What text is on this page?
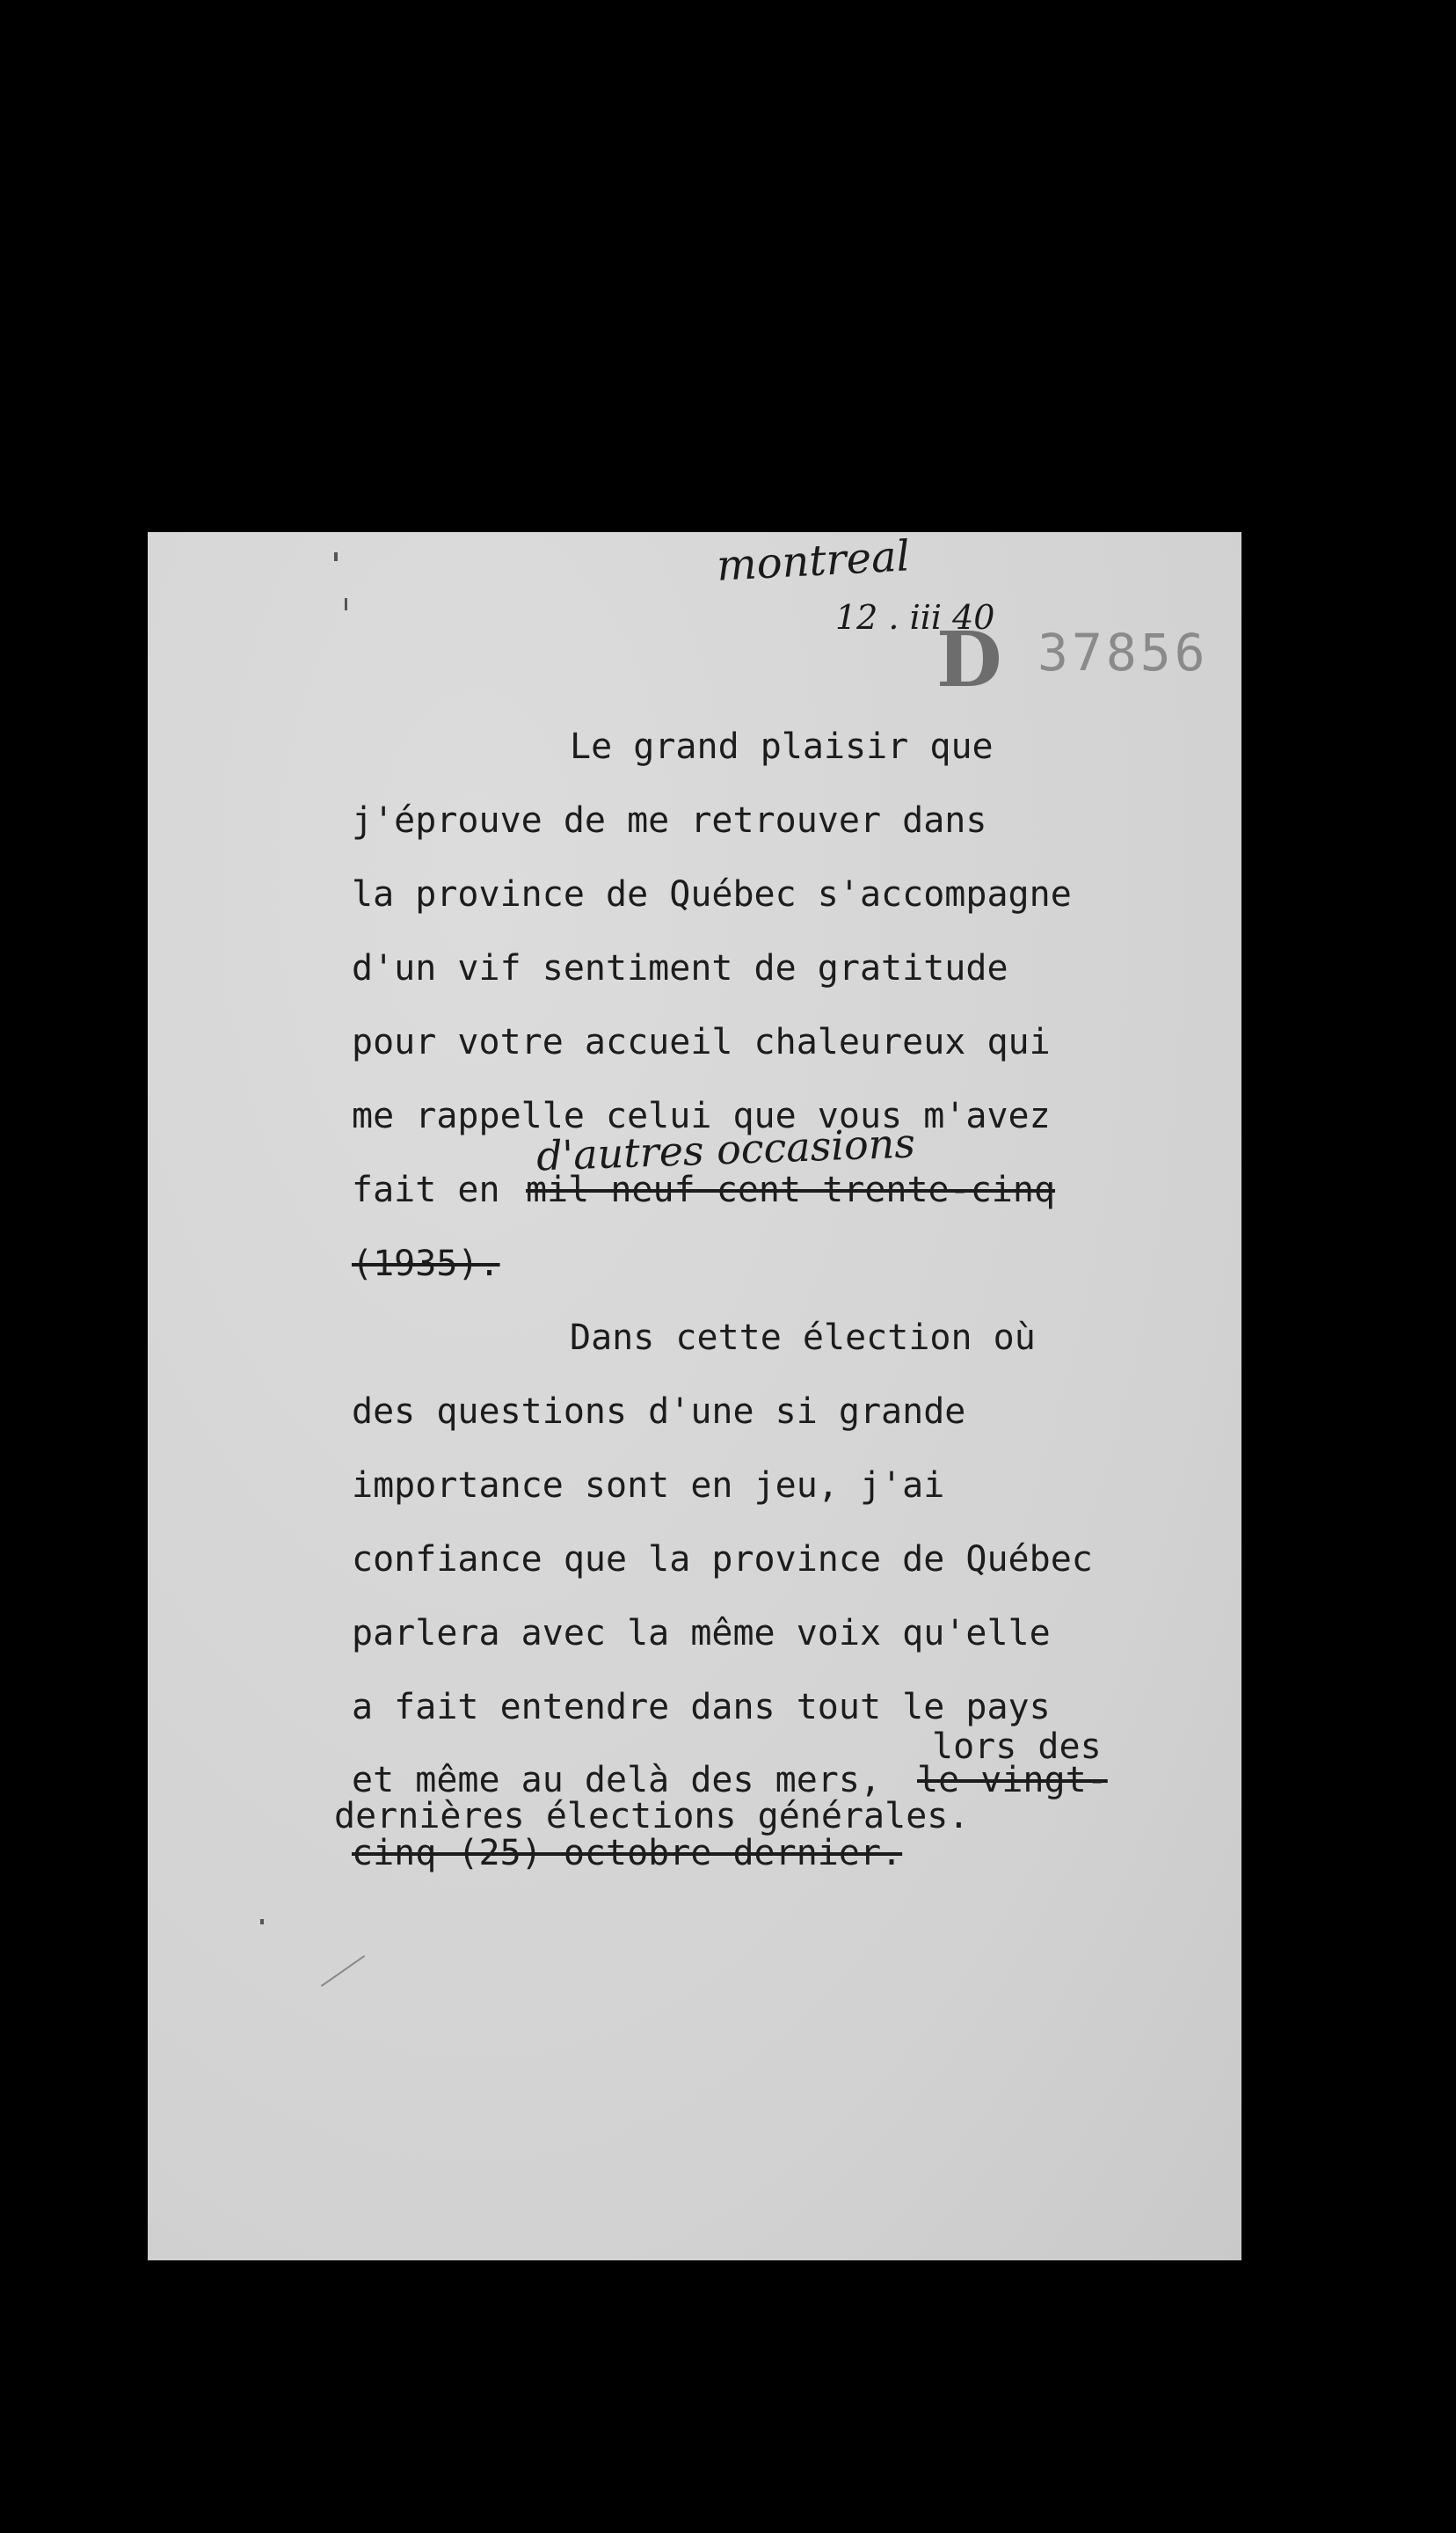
montreal
12 . iii 40
D 37856
Le grand plaisir que
j'éprouve de me retrouver dans
la province de Québec s'accompagne
d'un vif sentiment de gratitude
pour votre accueil chaleureux qui
me rappelle celui que vous m'avez
d'autres occasions
fait en mil neuf cent trente-cinq
(1935).
Dans cette élection où
des questions d'une si grande
importance sont en jeu, j'ai
confiance que la province de Québec
parlera avec la même voix qu'elle
a fait entendre dans tout le pays
lors des
et même au delà des mers, le vingt-
dernières élections générales.
cinq (25) octobre dernier.
